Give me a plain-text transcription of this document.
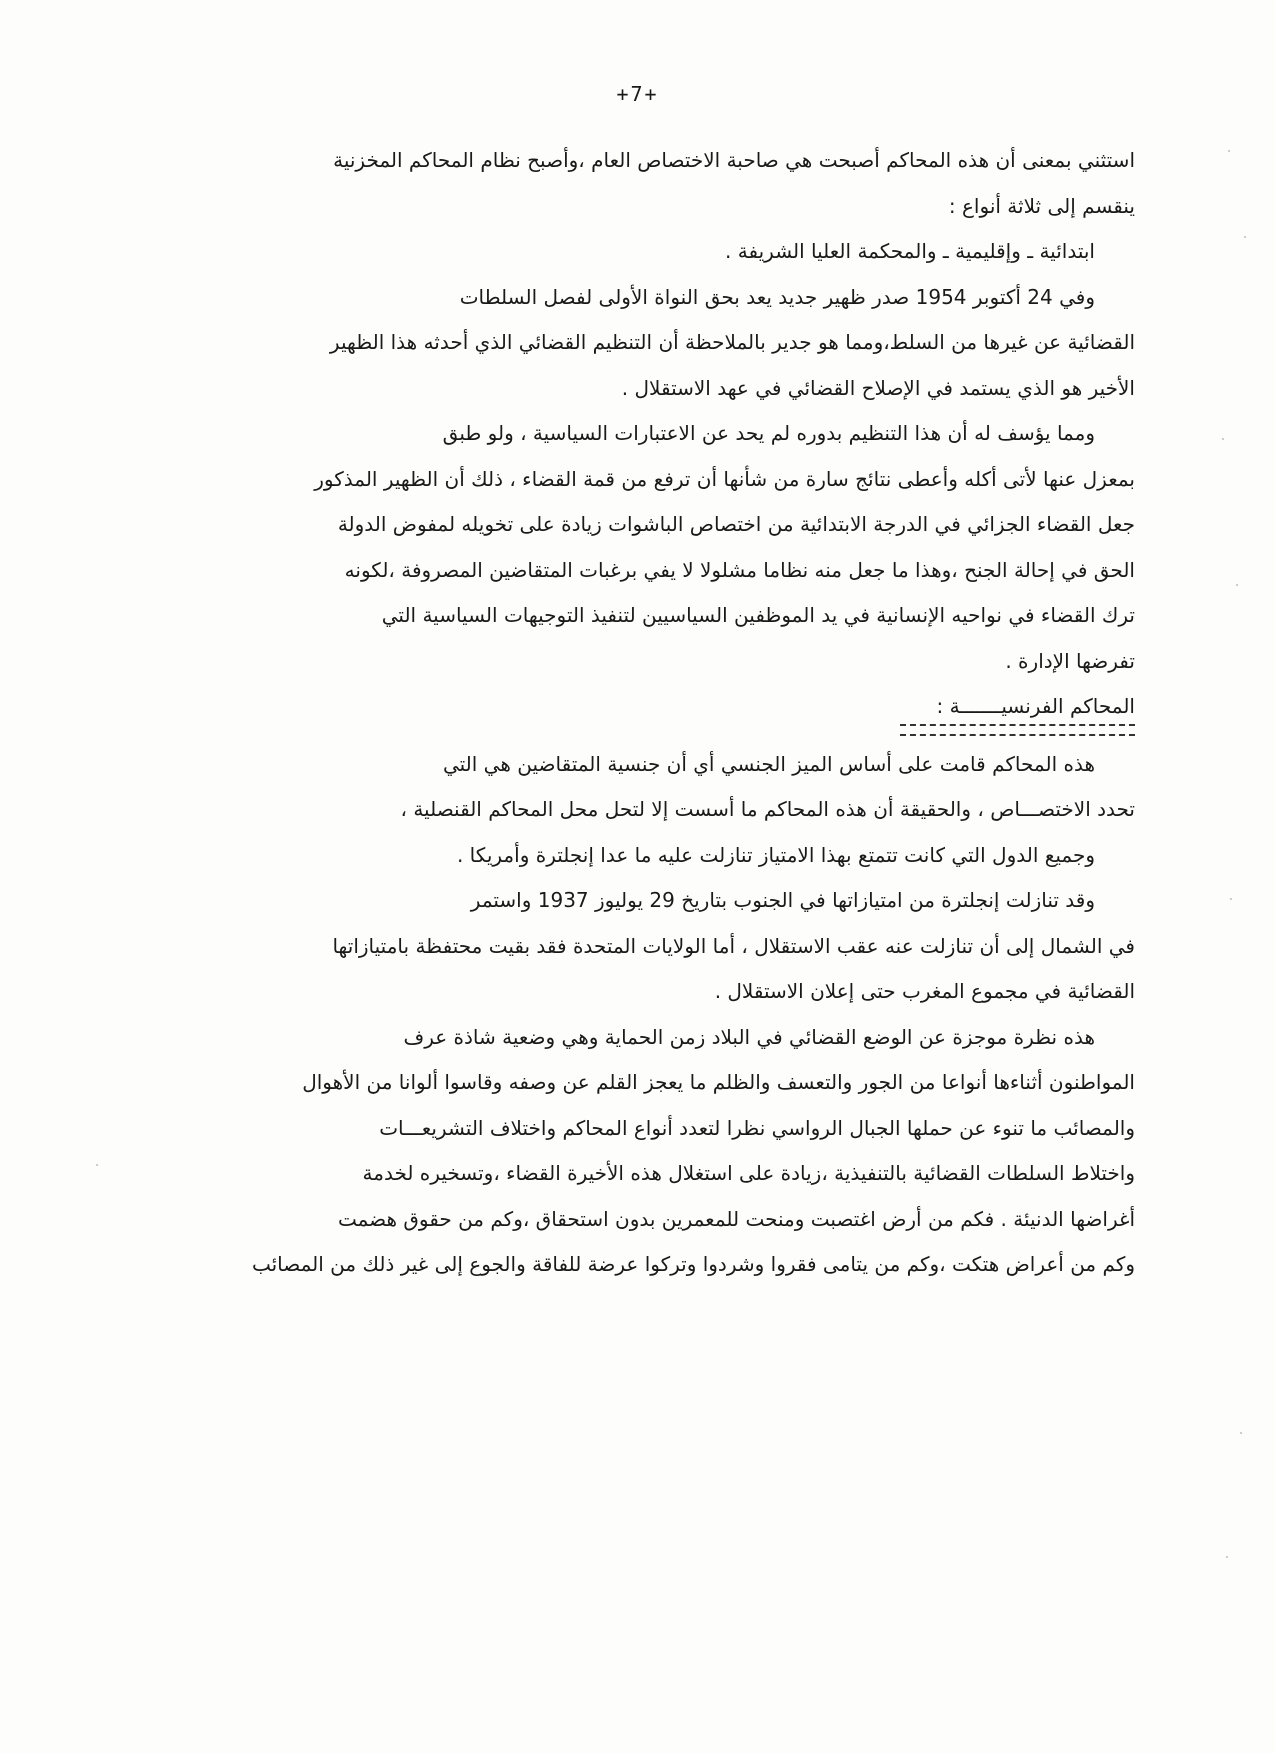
+7+

استثني بمعنى أن هذه المحاكم أصبحت هي صاحبة الاختصاص العام ،وأصبح نظام المحاكم المخزنية

ينقسم إلى ثلاثة أنواع :

ابتدائية ـ وإقليمية ـ والمحكمة العليا الشريفة .

وفي 24 أكتوبر 1954 صدر ظهير جديد يعد بحق النواة الأولى لفصل السلطات

القضائية عن غيرها من السلط،ومما هو جدير بالملاحظة أن التنظيم القضائي الذي أحدثه هذا الظهير

الأخير هو الذي يستمد في الإصلاح القضائي في عهد الاستقلال .

ومما يؤسف له أن هذا التنظيم بدوره لم يحد عن الاعتبارات السياسية ، ولو طبق

بمعزل عنها لأتى أكله وأعطى نتائج سارة من شأنها أن ترفع من قمة القضاء ، ذلك أن الظهير المذكور

جعل القضاء الجزائي في الدرجة الابتدائية من اختصاص الباشوات زيادة على تخويله لمفوض الدولة

الحق في إحالة الجنح ،وهذا ما جعل منه نظاما مشلولا لا يفي برغبات المتقاضين المصروفة ،لكونه

ترك القضاء في نواحيه الإنسانية في يد الموظفين السياسيين لتنفيذ التوجيهات السياسية التي

تفرضها الإدارة .

المحاكم الفرنسيـــــــة :

هذه المحاكم قامت على أساس الميز الجنسي أي أن جنسية المتقاضين هي التي

تحدد الاختصـــاص ، والحقيقة أن هذه المحاكم ما أسست إلا لتحل محل المحاكم القنصلية ،

وجميع الدول التي كانت تتمتع بهذا الامتياز تنازلت عليه ما عدا إنجلترة وأمريكا .

وقد تنازلت إنجلترة من امتيازاتها في الجنوب بتاريخ 29 يوليوز 1937 واستمر

في الشمال إلى أن تنازلت عنه عقب الاستقلال ، أما الولايات المتحدة فقد بقيت محتفظة بامتيازاتها

القضائية في مجموع المغرب حتى إعلان الاستقلال .

هذه نظرة موجزة عن الوضع القضائي في البلاد زمن الحماية وهي وضعية شاذة عرف

المواطنون أثناءها أنواعا من الجور والتعسف والظلم ما يعجز القلم عن وصفه وقاسوا ألوانا من الأهوال

والمصائب ما تنوء عن حملها الجبال الرواسي نظرا لتعدد أنواع المحاكم واختلاف التشريعـــات

واختلاط السلطات القضائية بالتنفيذية ،زيادة على استغلال هذه الأخيرة القضاء ،وتسخيره لخدمة

أغراضها الدنيئة . فكم من أرض اغتصبت ومنحت للمعمرين بدون استحقاق ،وكم من حقوق هضمت

وكم من أعراض هتكت ،وكم من يتامى فقروا وشردوا وتركوا عرضة للفاقة والجوع إلى غير ذلك من المصائب
